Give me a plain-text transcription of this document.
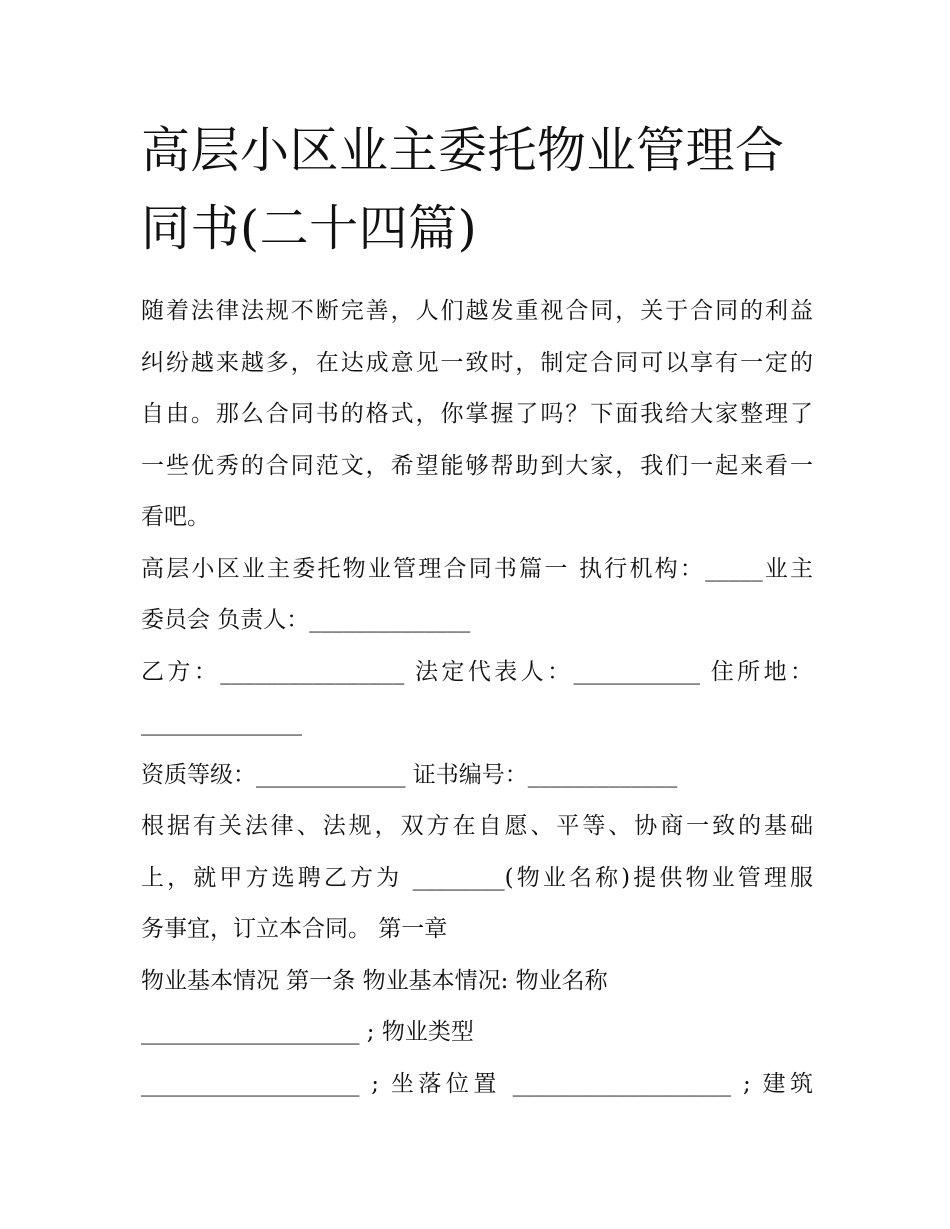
高层小区业主委托物业管理合
同书(二十四篇)
随着法律法规不断完善，人们越发重视合同，关于合同的利益
纠纷越来越多，在达成意见一致时，制定合同可以享有一定的
自由。那么合同书的格式，你掌握了吗？下面我给大家整理了
一些优秀的合同范文，希望能够帮助到大家，我们一起来看一
看吧。
高层小区业主委托物业管理合同书篇一 执行机构：_____业主
委员会 负责人：______________
乙方：________________ 法定代表人：___________ 住所地：
______________
资质等级：_____________ 证书编号：_____________
根据有关法律、法规，双方在自愿、平等、协商一致的基础
上，就甲方选聘乙方为 ________(物业名称)提供物业管理服
务事宜，订立本合同。 第一章
物业基本情况 第一条 物业基本情况: 物业名称
___________________ ; 物业类型
___________________ ; 坐落位置 ___________________ ; 建筑
